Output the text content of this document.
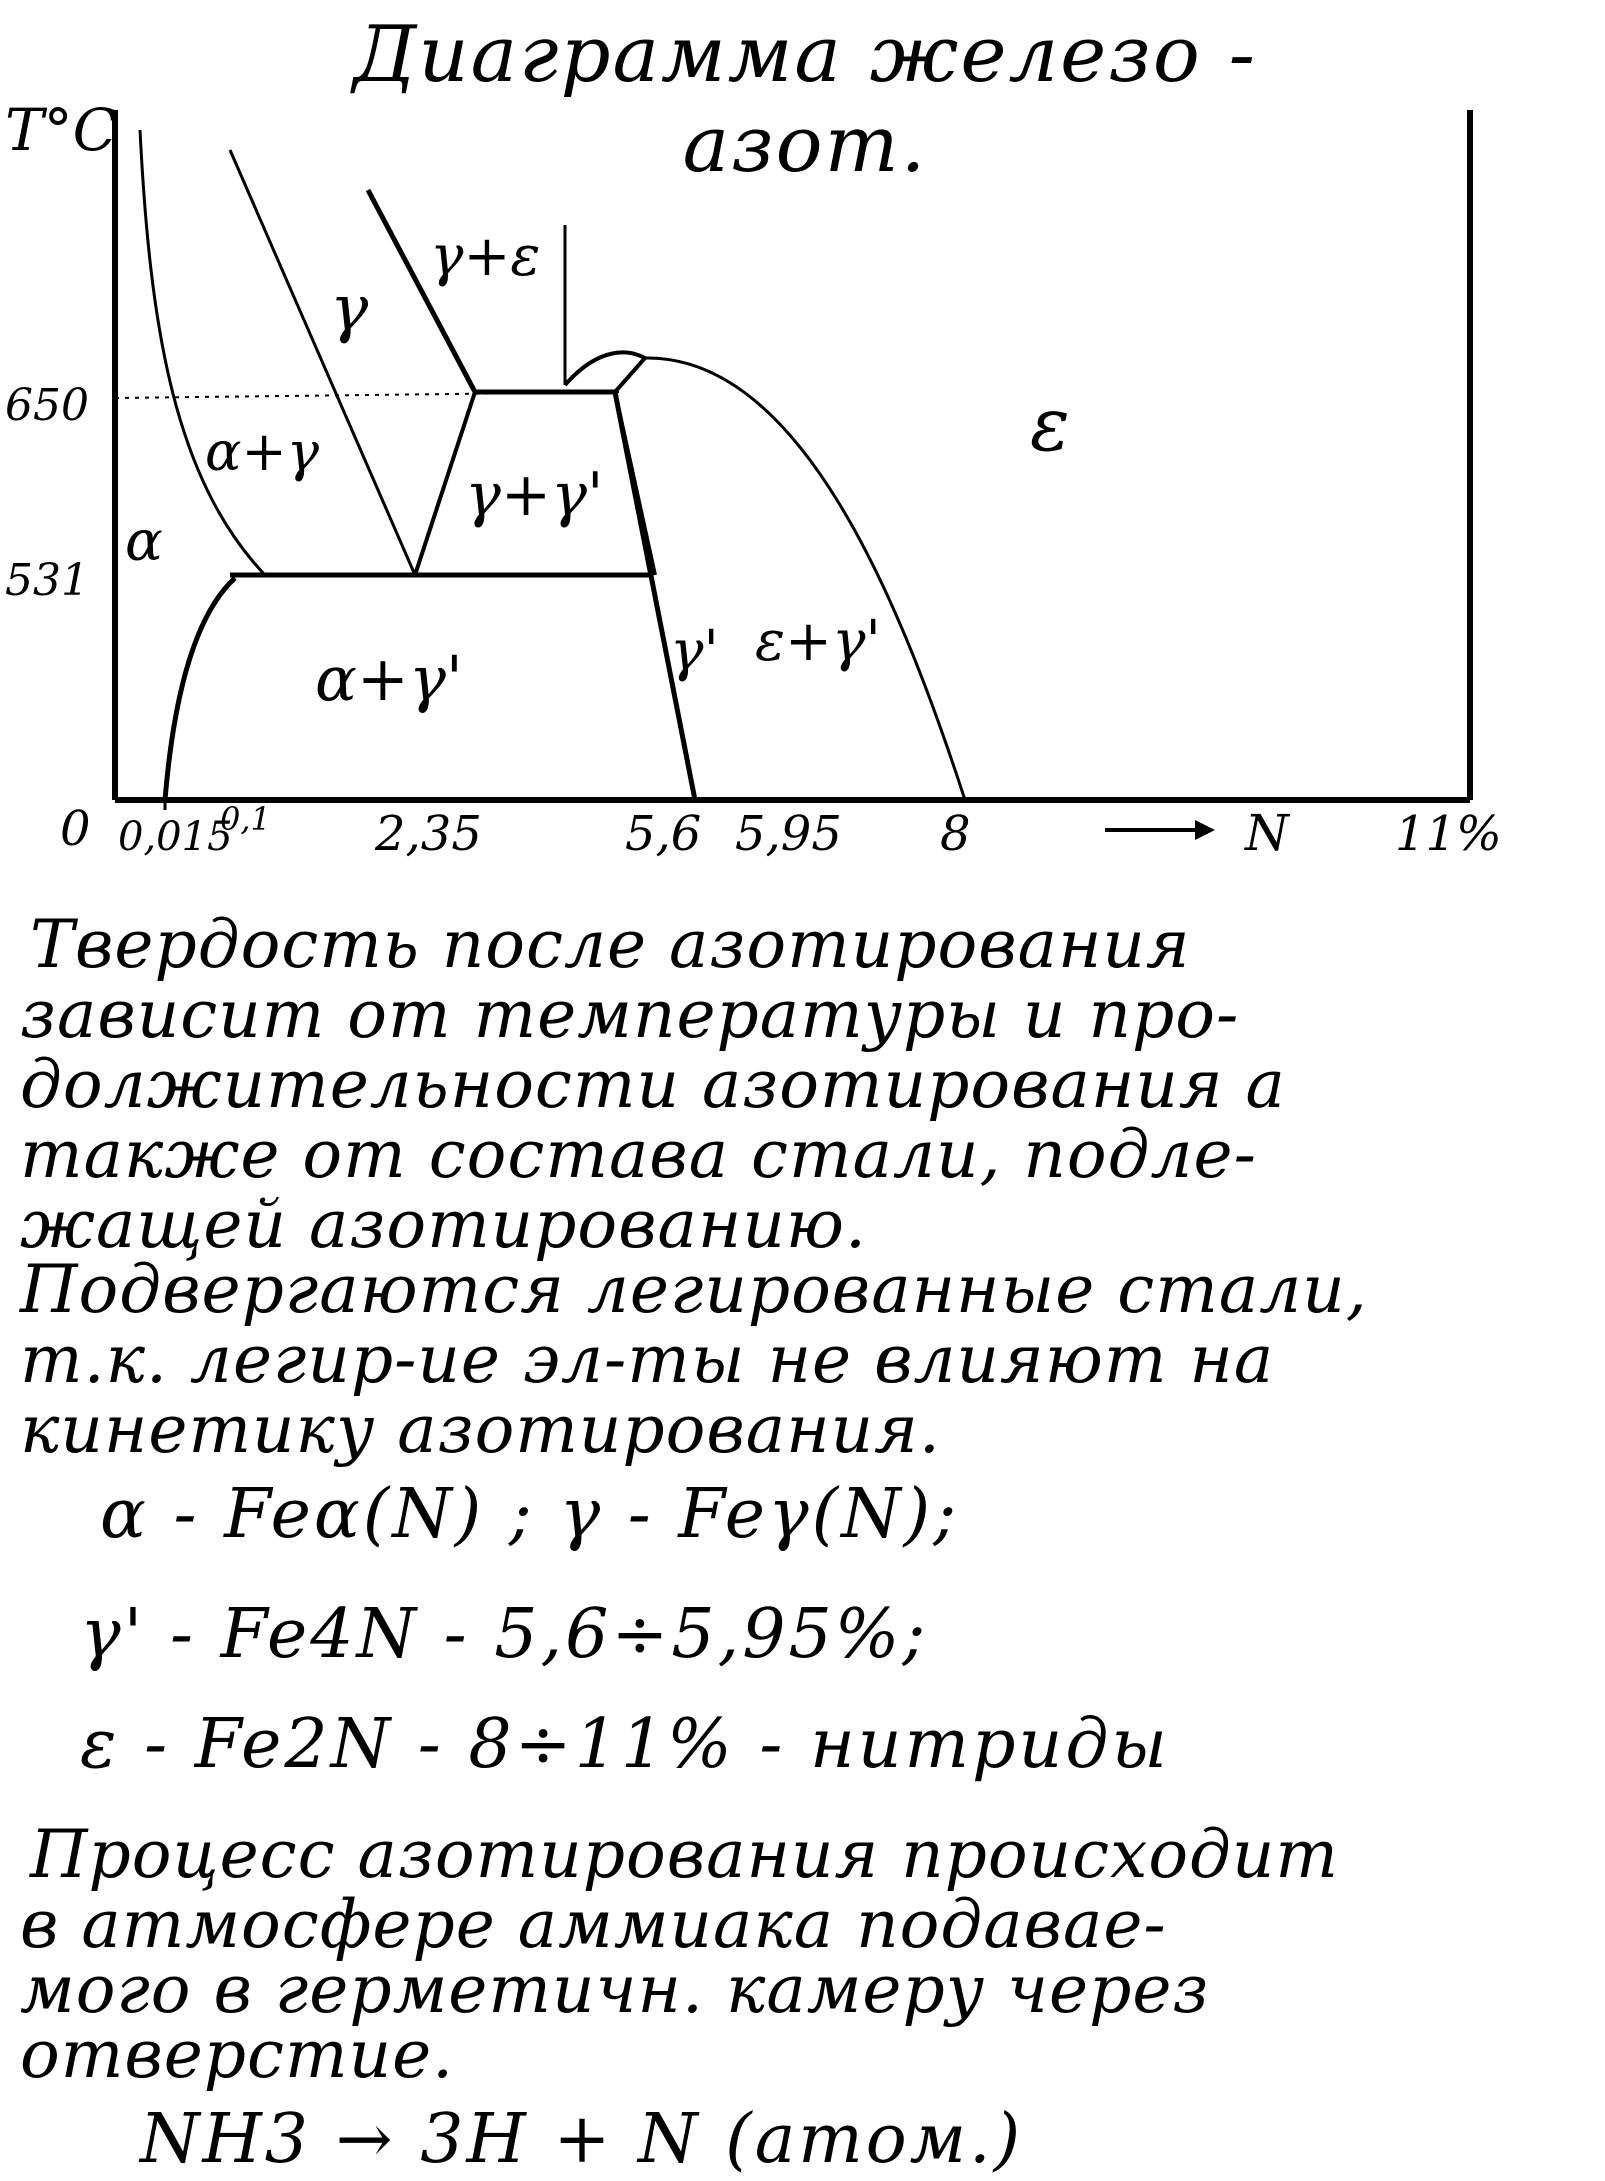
Диаграмма железо - азот.
T°C
650
531
0 0,015
0,1 2,35	5,6 5,95 8	N 11%
α
α+γ
γ
γ+ε
γ+γ'
α+γ'	γ' ε+γ'
ε
Твердость после азотирования
зависит от температуры и про-
должительности азотирования а
также от состава стали, подле-
жащей азотированию.
Подвергаются легированные стали,
т.к. легир-ие эл-ты не влияют на
кинетику азотирования.
α - Feα(N) ; γ - Feγ(N);
γ' - Fe4N - 5,6÷5,95%;
ε - Fe2N - 8÷11% - нитриды
Процесс азотирования происходит
в атмосфере аммиака подавае-
мого в герметичн. камеру через
отверстие.
NH3 → 3H + N (атом.)
